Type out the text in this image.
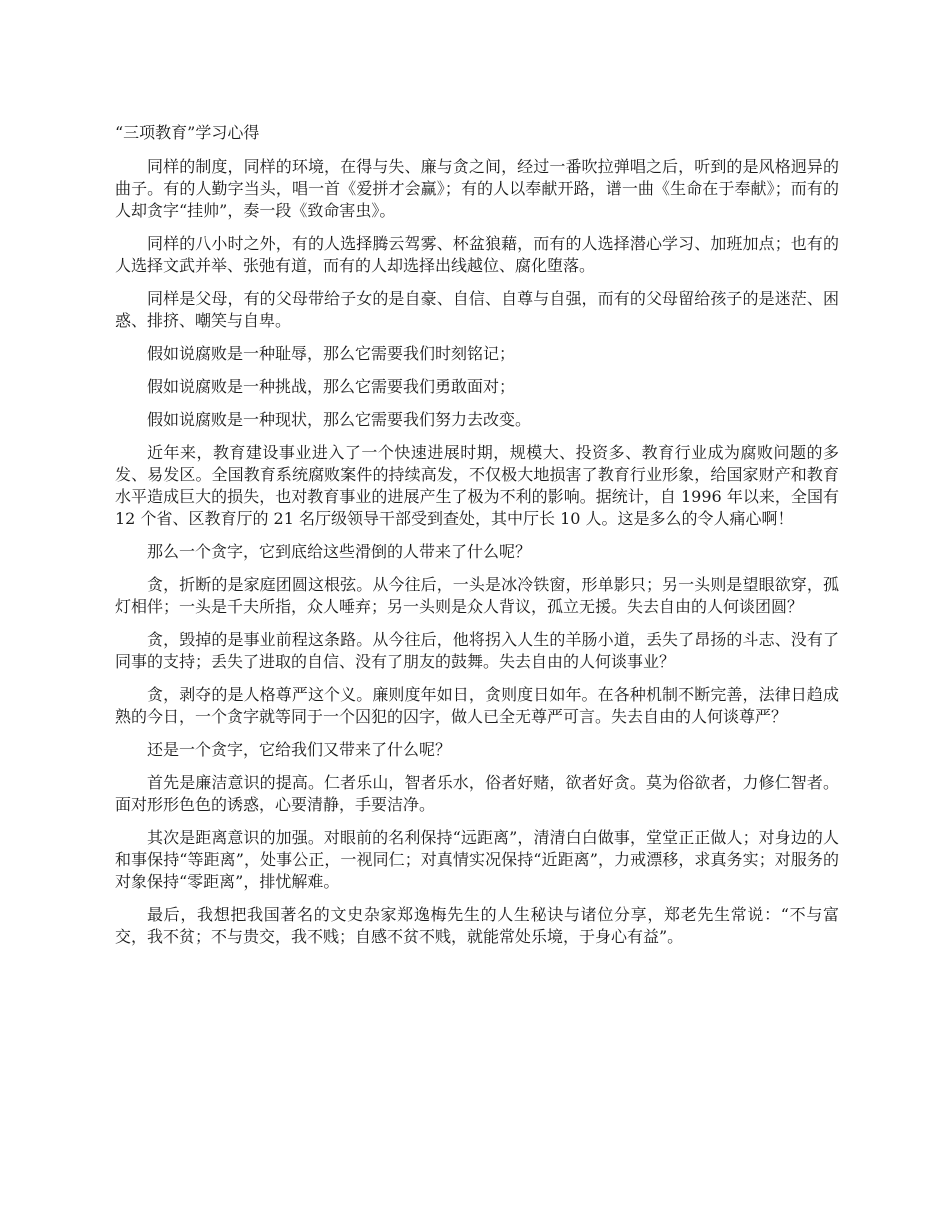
“三项教育”学习心得

同样的制度，同样的环境，在得与失、廉与贪之间，经过一番吹拉弹唱之后，听到的是风格迥异的曲子。有的人勤字当头，唱一首《爱拼才会赢》；有的人以奉献开路，谱一曲《生命在于奉献》；而有的人却贪字“挂帅”，奏一段《致命害虫》。

同样的八小时之外，有的人选择腾云驾雾、杯盆狼藉，而有的人选择潜心学习、加班加点；也有的人选择文武并举、张弛有道，而有的人却选择出线越位、腐化堕落。

同样是父母，有的父母带给子女的是自豪、自信、自尊与自强，而有的父母留给孩子的是迷茫、困惑、排挤、嘲笑与自卑。

假如说腐败是一种耻辱，那么它需要我们时刻铭记；

假如说腐败是一种挑战，那么它需要我们勇敢面对；

假如说腐败是一种现状，那么它需要我们努力去改变。

近年来，教育建设事业进入了一个快速进展时期，规模大、投资多、教育行业成为腐败问题的多发、易发区。全国教育系统腐败案件的持续高发，不仅极大地损害了教育行业形象，给国家财产和教育水平造成巨大的损失，也对教育事业的进展产生了极为不利的影响。据统计，自 1996 年以来，全国有 12 个省、区教育厅的 21 名厅级领导干部受到查处，其中厅长 10 人。这是多么的令人痛心啊！

那么一个贪字，它到底给这些滑倒的人带来了什么呢？

贪，折断的是家庭团圆这根弦。从今往后，一头是冰冷铁窗，形单影只；另一头则是望眼欲穿，孤灯相伴；一头是千夫所指，众人唾弃；另一头则是众人背议，孤立无援。失去自由的人何谈团圆？

贪，毁掉的是事业前程这条路。从今往后，他将拐入人生的羊肠小道，丢失了昂扬的斗志、没有了同事的支持；丢失了进取的自信、没有了朋友的鼓舞。失去自由的人何谈事业？

贪，剥夺的是人格尊严这个义。廉则度年如日，贪则度日如年。在各种机制不断完善，法律日趋成熟的今日，一个贪字就等同于一个囚犯的囚字，做人已全无尊严可言。失去自由的人何谈尊严？

还是一个贪字，它给我们又带来了什么呢？

首先是廉洁意识的提高。仁者乐山，智者乐水，俗者好赌，欲者好贪。莫为俗欲者，力修仁智者。面对形形色色的诱惑，心要清静，手要洁净。

其次是距离意识的加强。对眼前的名利保持“远距离”，清清白白做事，堂堂正正做人；对身边的人和事保持“等距离”，处事公正，一视同仁；对真情实况保持“近距离”，力戒漂移，求真务实；对服务的对象保持“零距离”，排忧解难。

最后，我想把我国著名的文史杂家郑逸梅先生的人生秘诀与诸位分享，郑老先生常说：“不与富交，我不贫；不与贵交，我不贱；自感不贫不贱，就能常处乐境，于身心有益”。
